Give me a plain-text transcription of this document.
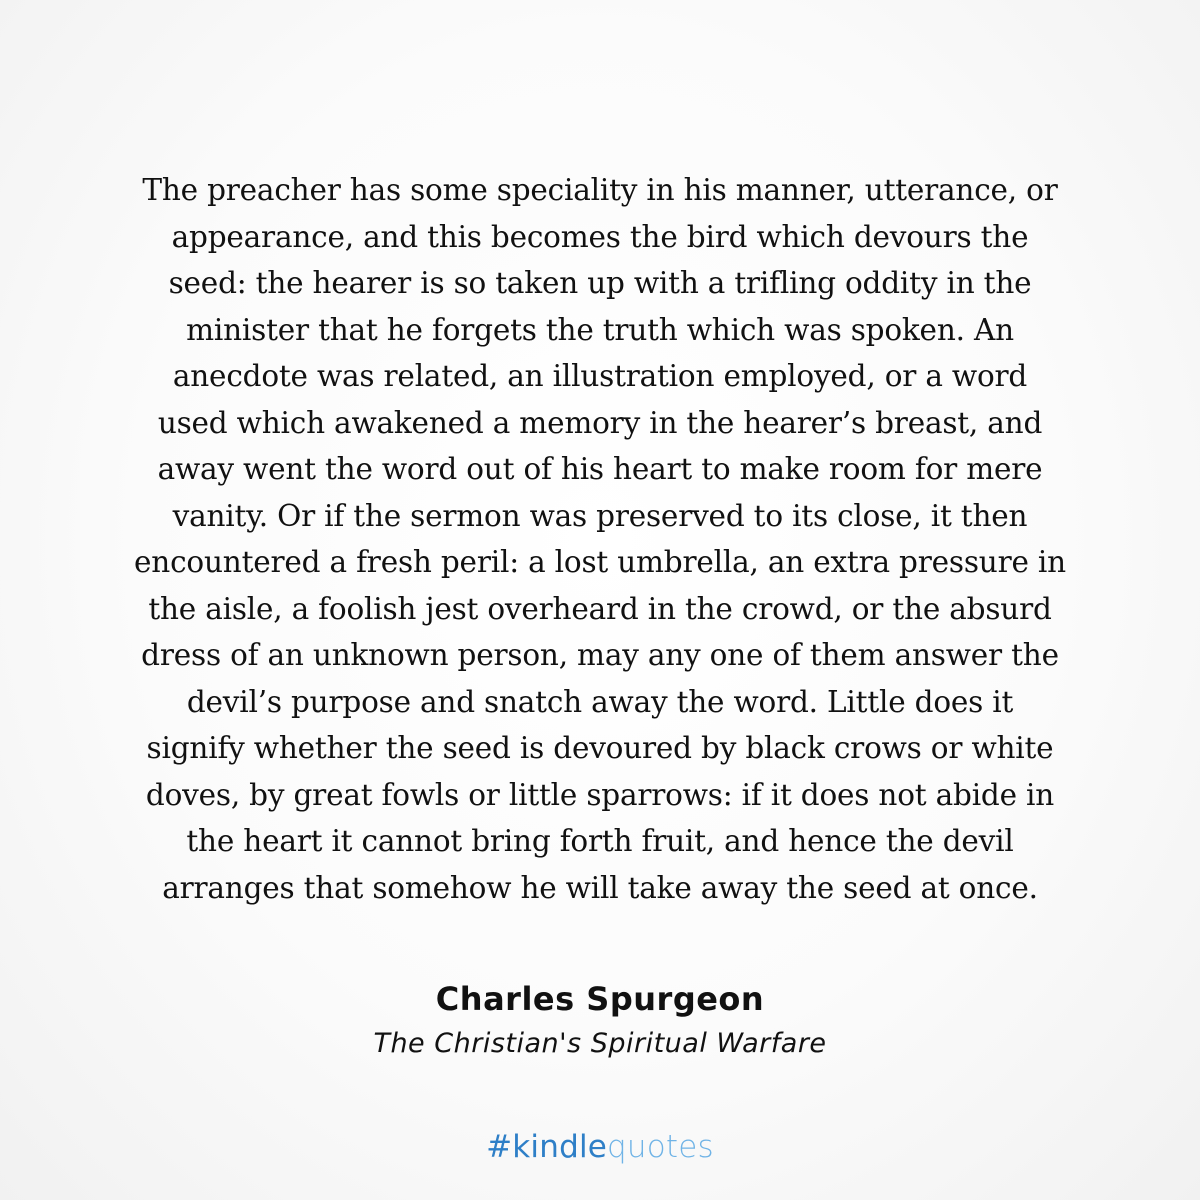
The preacher has some speciality in his manner, utterance, or
appearance, and this becomes the bird which devours the
seed: the hearer is so taken up with a trifling oddity in the
minister that he forgets the truth which was spoken. An
anecdote was related, an illustration employed, or a word
used which awakened a memory in the hearer’s breast, and
away went the word out of his heart to make room for mere
vanity. Or if the sermon was preserved to its close, it then
encountered a fresh peril: a lost umbrella, an extra pressure in
the aisle, a foolish jest overheard in the crowd, or the absurd
dress of an unknown person, may any one of them answer the
devil’s purpose and snatch away the word. Little does it
signify whether the seed is devoured by black crows or white
doves, by great fowls or little sparrows: if it does not abide in
the heart it cannot bring forth fruit, and hence the devil
arranges that somehow he will take away the seed at once.

Charles Spurgeon
The Christian's Spiritual Warfare
#kindlequotes
